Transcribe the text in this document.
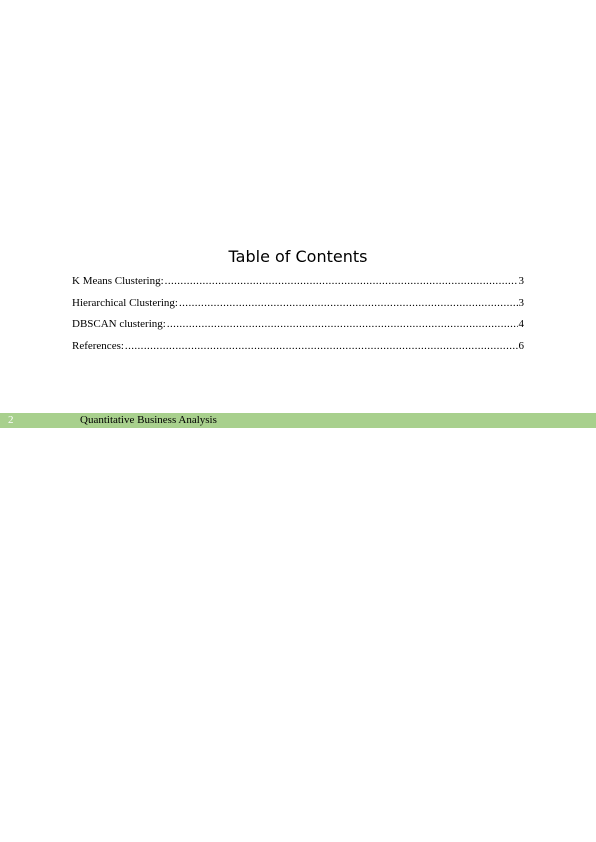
Table of Contents
K Means Clustering: .....	3
Hierarchical Clustering: .....	3
DBSCAN clustering: .....	4
References: .....	6
2	Quantitative Business Analysis
